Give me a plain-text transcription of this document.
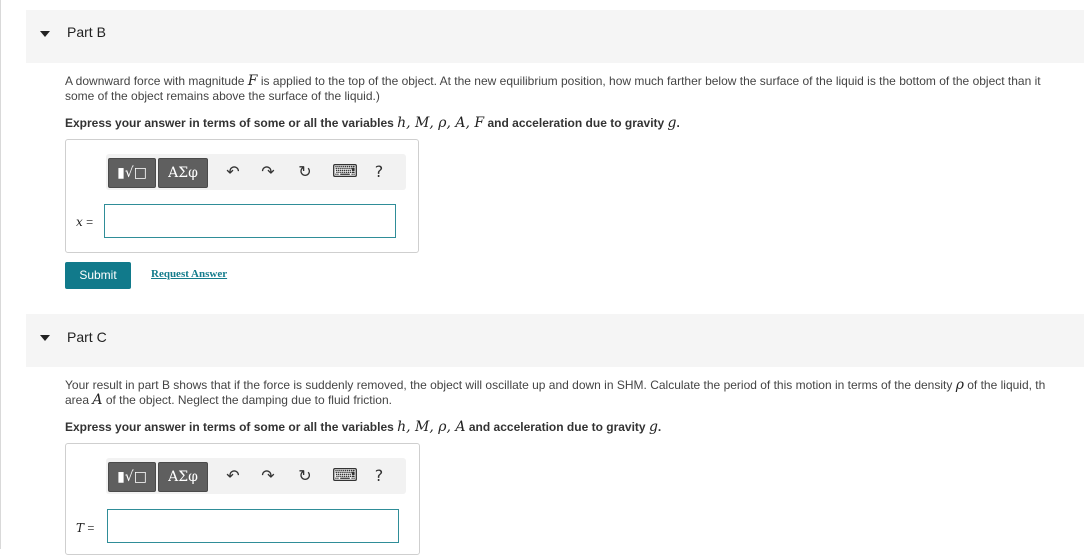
Part B
A downward force with magnitude F is applied to the top of the object. At the new equilibrium position, how much farther below the surface of the liquid is the bottom of the object than it
some of the object remains above the surface of the liquid.)
Express your answer in terms of some or all the variables h, M, ρ, A, F and acceleration due to gravity g.
▮√□	ΑΣφ	↶ ↷ ↻ ⌨ ?
x =
Submit	Request Answer
Part C
Your result in part B shows that if the force is suddenly removed, the object will oscillate up and down in SHM. Calculate the period of this motion in terms of the density ρ of the liquid, th
area A of the object. Neglect the damping due to fluid friction.
Express your answer in terms of some or all the variables h, M, ρ, A and acceleration due to gravity g.
▮√□	ΑΣφ	↶ ↷ ↻ ⌨ ?
T =
